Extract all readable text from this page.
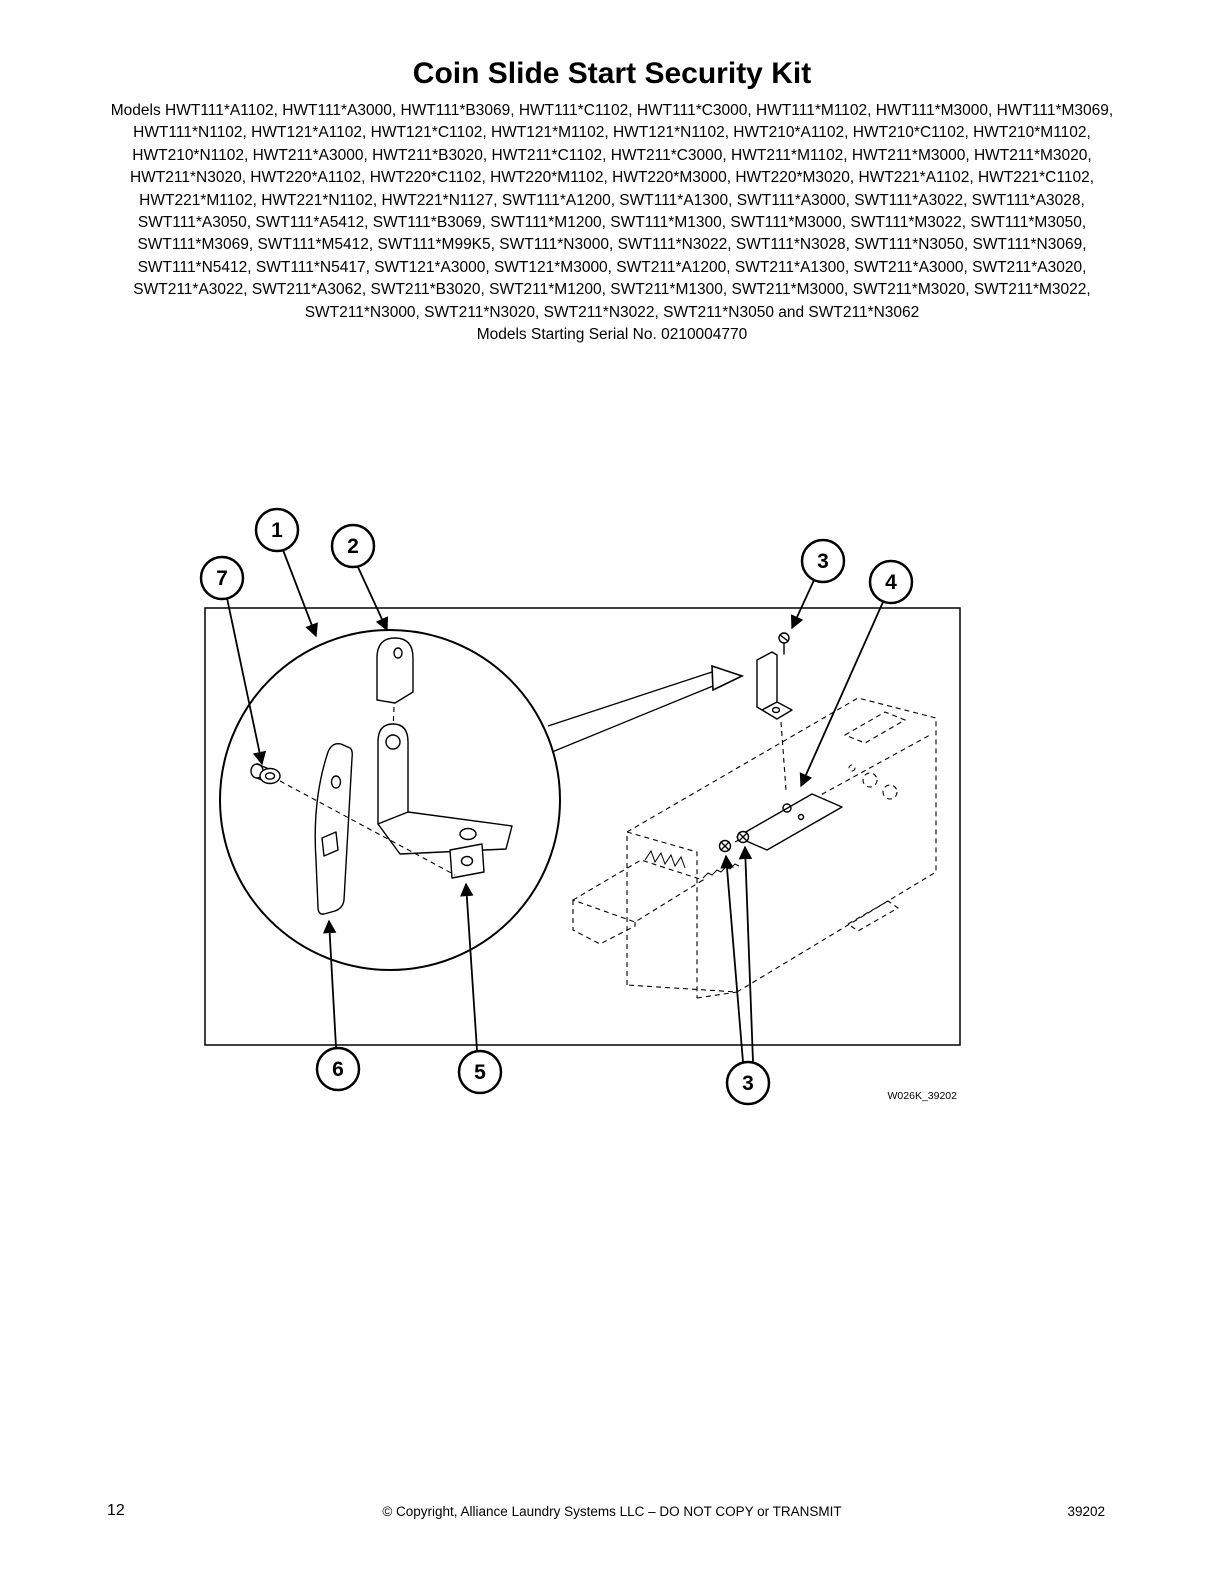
Coin Slide Start Security Kit

Models HWT111*A1102, HWT111*A3000, HWT111*B3069, HWT111*C1102, HWT111*C3000, HWT111*M1102, HWT111*M3000, HWT111*M3069, HWT111*N1102, HWT121*A1102, HWT121*C1102, HWT121*M1102, HWT121*N1102, HWT210*A1102, HWT210*C1102, HWT210*M1102, HWT210*N1102, HWT211*A3000, HWT211*B3020, HWT211*C1102, HWT211*C3000, HWT211*M1102, HWT211*M3000, HWT211*M3020, HWT211*N3020, HWT220*A1102, HWT220*C1102, HWT220*M1102, HWT220*M3000, HWT220*M3020, HWT221*A1102, HWT221*C1102, HWT221*M1102, HWT221*N1102, HWT221*N1127, SWT111*A1200, SWT111*A1300, SWT111*A3000, SWT111*A3022, SWT111*A3028, SWT111*A3050, SWT111*A5412, SWT111*B3069, SWT111*M1200, SWT111*M1300, SWT111*M3000, SWT111*M3022, SWT111*M3050, SWT111*M3069, SWT111*M5412, SWT111*M99K5, SWT111*N3000, SWT111*N3022, SWT111*N3028, SWT111*N3050, SWT111*N3069, SWT111*N5412, SWT111*N5417, SWT121*A3000, SWT121*M3000, SWT211*A1200, SWT211*A1300, SWT211*A3000, SWT211*A3020, SWT211*A3022, SWT211*A3062, SWT211*B3020, SWT211*M1200, SWT211*M1300, SWT211*M3000, SWT211*M3020, SWT211*M3022, SWT211*N3000, SWT211*N3020, SWT211*N3022, SWT211*N3050 and SWT211*N3062

Models Starting Serial No. 0210004770

1
2
7
3
4
6	5	3
W026K_39202
12	© Copyright, Alliance Laundry Systems LLC – DO NOT COPY or TRANSMIT	39202
